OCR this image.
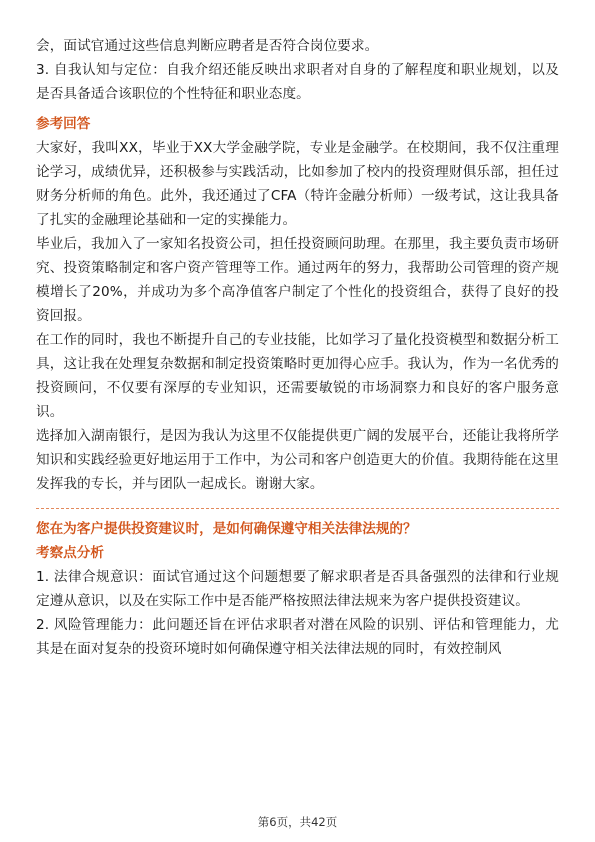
会，面试官通过这些信息判断应聘者是否符合岗位要求。

3. 自我认知与定位：自我介绍还能反映出求职者对自身的了解程度和职业规划，以及是否具备适合该职位的个性特征和职业态度。

参考回答

大家好，我叫XX，毕业于XX大学金融学院，专业是金融学。在校期间，我不仅注重理论学习，成绩优异，还积极参与实践活动，比如参加了校内的投资理财俱乐部，担任过财务分析师的角色。此外，我还通过了CFA（特许金融分析师）一级考试，这让我具备了扎实的金融理论基础和一定的实操能力。

毕业后，我加入了一家知名投资公司，担任投资顾问助理。在那里，我主要负责市场研究、投资策略制定和客户资产管理等工作。通过两年的努力，我帮助公司管理的资产规模增长了20%，并成功为多个高净值客户制定了个性化的投资组合，获得了良好的投资回报。

在工作的同时，我也不断提升自己的专业技能，比如学习了量化投资模型和数据分析工具，这让我在处理复杂数据和制定投资策略时更加得心应手。我认为，作为一名优秀的投资顾问，不仅要有深厚的专业知识，还需要敏锐的市场洞察力和良好的客户服务意识。

选择加入湖南银行，是因为我认为这里不仅能提供更广阔的发展平台，还能让我将所学知识和实践经验更好地运用于工作中，为公司和客户创造更大的价值。我期待能在这里发挥我的专长，并与团队一起成长。谢谢大家。

您在为客户提供投资建议时，是如何确保遵守相关法律法规的？
考察点分析

1. 法律合规意识：面试官通过这个问题想要了解求职者是否具备强烈的法律和行业规定遵从意识，以及在实际工作中是否能严格按照法律法规来为客户提供投资建议。

2. 风险管理能力：此问题还旨在评估求职者对潜在风险的识别、评估和管理能力，尤其是在面对复杂的投资环境时如何确保遵守相关法律法规的同时，有效控制风

第6页，共42页
